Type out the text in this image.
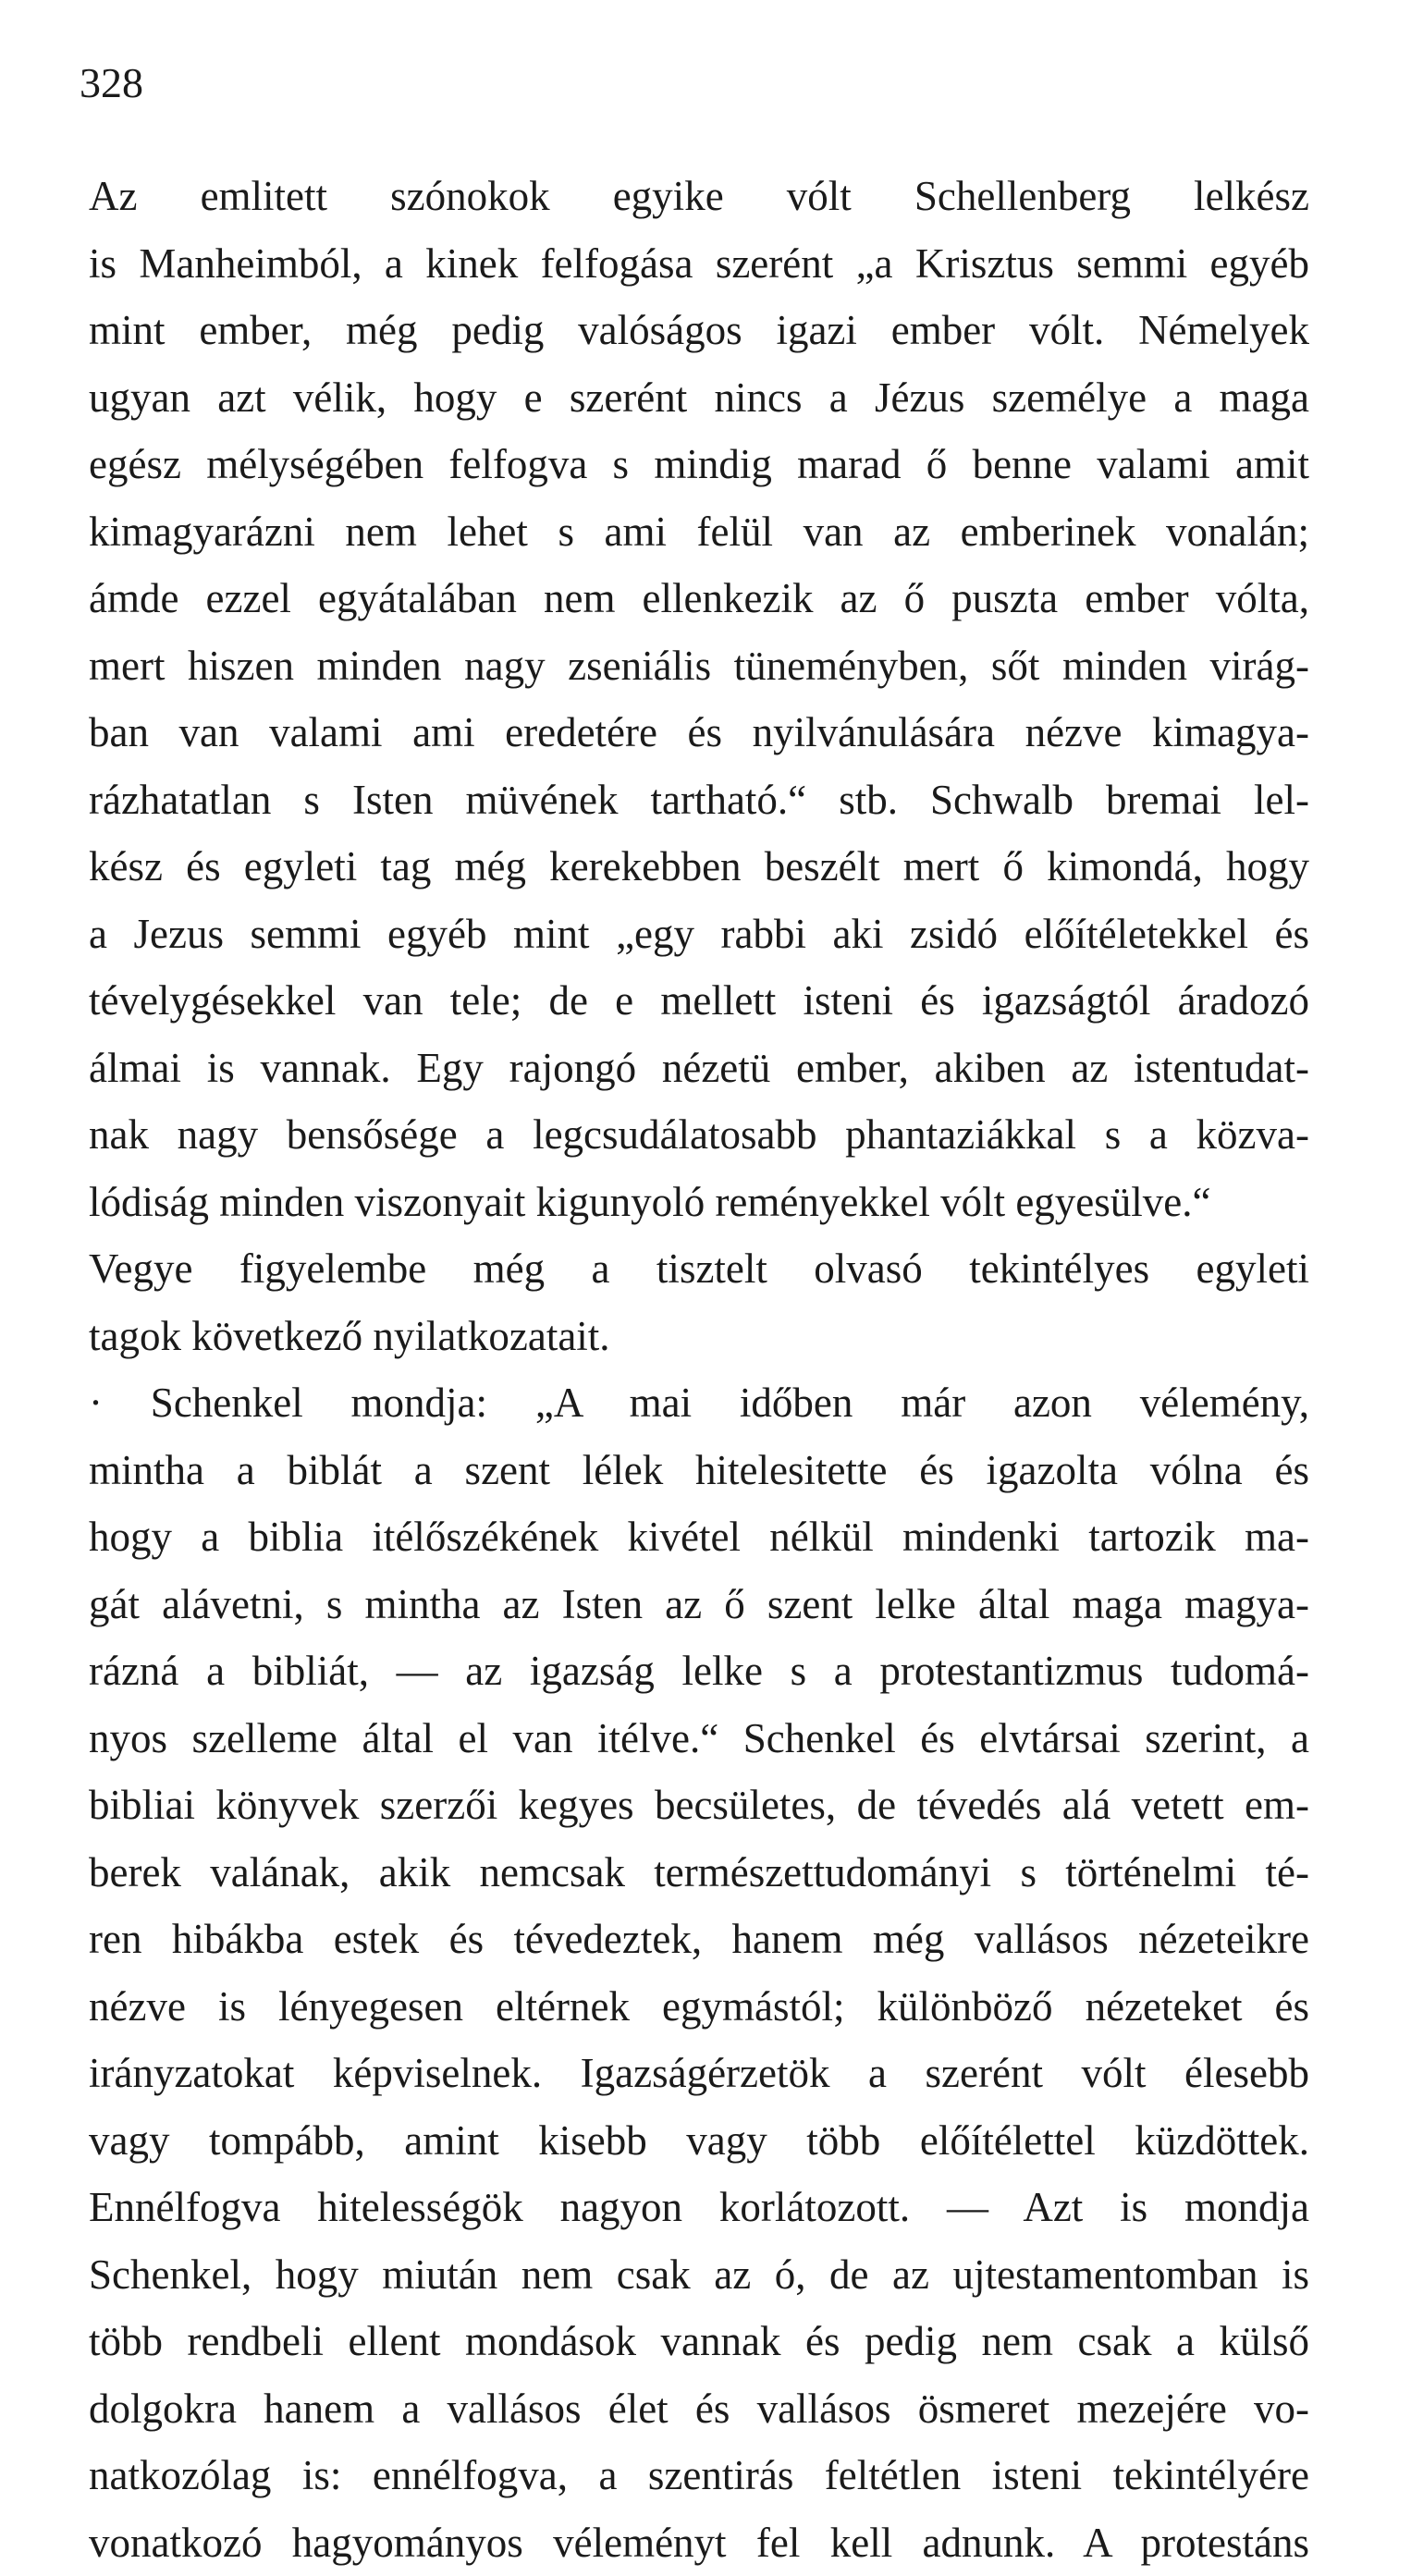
328

Az emlitett szónokok egyike vólt Schellenberg lelkész
is Manheimból, a kinek felfogása szerént „a Krisztus semmi egyéb
mint ember, még pedig valóságos igazi ember vólt. Némelyek
ugyan azt vélik, hogy e szerént nincs a Jézus személye a maga
egész mélységében felfogva s mindig marad ő benne valami amit
kimagyarázni nem lehet s ami felül van az emberinek vonalán;
ámde ezzel egyátalában nem ellenkezik az ő puszta ember vólta,
mert hiszen minden nagy zseniális tüneményben, sőt minden virág-
ban van valami ami eredetére és nyilvánulására nézve kimagya-
rázhatatlan s Isten müvének tartható.“ stb. Schwalb bremai lel-
kész és egyleti tag még kerekebben beszélt mert ő kimondá, hogy
a Jezus semmi egyéb mint „egy rabbi aki zsidó előítéletekkel és
tévelygésekkel van tele; de e mellett isteni és igazságtól áradozó
álmai is vannak. Egy rajongó nézetü ember, akiben az istentudat-
nak nagy bensősége a legcsudálatosabb phantaziákkal s a közva-
lódiság minden viszonyait kigunyoló reményekkel vólt egyesülve.“
Vegye figyelembe még a tisztelt olvasó tekintélyes egyleti
tagok következő nyilatkozatait.
· Schenkel mondja: „A mai időben már azon vélemény,
mintha a biblát a szent lélek hitelesitette és igazolta vólna és
hogy a biblia itélőszékének kivétel nélkül mindenki tartozik ma-
gát alávetni, s mintha az Isten az ő szent lelke által maga magya-
rázná a bibliát, — az igazság lelke s a protestantizmus tudomá-
nyos szelleme által el van itélve.“ Schenkel és elvtársai szerint, a
bibliai könyvek szerzői kegyes becsületes, de tévedés alá vetett em-
berek valának, akik nemcsak természettudományi s történelmi té-
ren hibákba estek és tévedeztek, hanem még vallásos nézeteikre
nézve is lényegesen eltérnek egymástól; különböző nézeteket és
irányzatokat képviselnek. Igazságérzetök a szerént vólt élesebb
vagy tompább, amint kisebb vagy több előítélettel küzdöttek.
Ennélfogva hitelességök nagyon korlátozott. — Azt is mondja
Schenkel, hogy miután nem csak az ó, de az ujtestamentomban is
több rendbeli ellent mondások vannak és pedig nem csak a külső
dolgokra hanem a vallásos élet és vallásos ösmeret mezejére vo-
natkozólag is: ennélfogva, a szentirás feltétlen isteni tekintélyére
vonatkozó hagyományos véleményt fel kell adnunk. A protestáns
